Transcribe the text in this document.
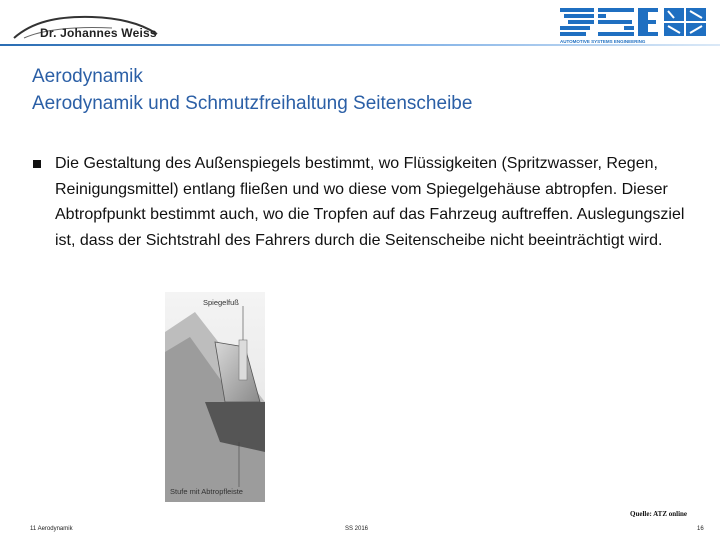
Dr. Johannes Weiss
AUTOMOTIVE SYSTEMS ENGINEERING
Aerodynamik
Aerodynamik und Schmutzfreihaltung Seitenscheibe
Die Gestaltung des Außenspiegels bestimmt, wo Flüssigkeiten (Spritzwasser, Regen, Reinigungsmittel) entlang fließen und wo diese vom Spiegelgehäuse abtropfen. Dieser Abtropfpunkt bestimmt auch, wo die Tropfen auf das Fahrzeug auftreffen. Auslegungsziel ist, dass der Sichtstrahl des Fahrers durch die Seitenscheibe nicht beeinträchtigt wird.
Spiegelfuß
Stufe mit Abtropfleiste
Quelle: ATZ online
11 Aerodynamik	SS 2016	16
